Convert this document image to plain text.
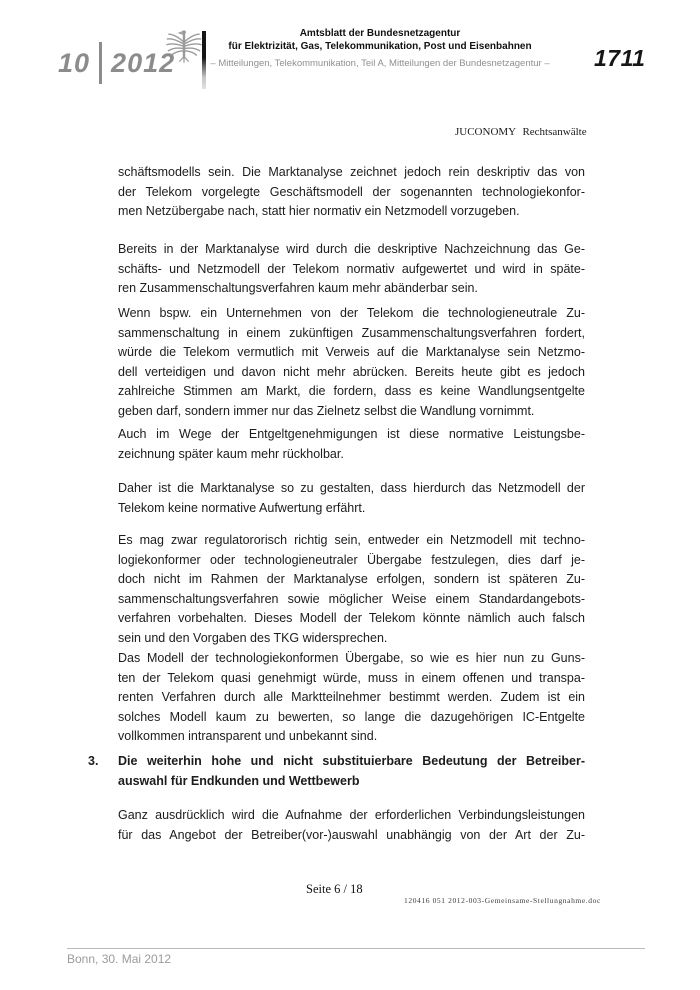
10 2012
Amtsblatt der Bundesnetzagentur
für Elektrizität, Gas, Telekommunikation, Post und Eisenbahnen
– Mitteilungen, Telekommunikation, Teil A, Mitteilungen der Bundesnetzagentur – 1711
JUCONOMY Rechtsanwälte
schäftsmodells sein. Die Marktanalyse zeichnet jedoch rein deskriptiv das von
der Telekom vorgelegte Geschäftsmodell der sogenannten technologiekonfor-
men Netzübergabe nach, statt hier normativ ein Netzmodell vorzugeben.
Bereits in der Marktanalyse wird durch die deskriptive Nachzeichnung das Ge-
schäfts- und Netzmodell der Telekom normativ aufgewertet und wird in späte-
ren Zusammenschaltungsverfahren kaum mehr abänderbar sein.
Wenn bspw. ein Unternehmen von der Telekom die technologieneutrale Zu-
sammenschaltung in einem zukünftigen Zusammenschaltungsverfahren fordert,
würde die Telekom vermutlich mit Verweis auf die Marktanalyse sein Netzmo-
dell verteidigen und davon nicht mehr abrücken. Bereits heute gibt es jedoch
zahlreiche Stimmen am Markt, die fordern, dass es keine Wandlungsentgelte
geben darf, sondern immer nur das Zielnetz selbst die Wandlung vornimmt.
Auch im Wege der Entgeltgenehmigungen ist diese normative Leistungsbe-
zeichnung später kaum mehr rückholbar.
Daher ist die Marktanalyse so zu gestalten, dass hierdurch das Netzmodell der
Telekom keine normative Aufwertung erfährt.
Es mag zwar regulatororisch richtig sein, entweder ein Netzmodell mit techno-
logiekonformer oder technologieneutraler Übergabe festzulegen, dies darf je-
doch nicht im Rahmen der Marktanalyse erfolgen, sondern ist späteren Zu-
sammenschaltungsverfahren sowie möglicher Weise einem Standardangebots-
verfahren vorbehalten. Dieses Modell der Telekom könnte nämlich auch falsch
sein und den Vorgaben des TKG widersprechen.
Das Modell der technologiekonformen Übergabe, so wie es hier nun zu Guns-
ten der Telekom quasi genehmigt würde, muss in einem offenen und transpa-
renten Verfahren durch alle Marktteilnehmer bestimmt werden. Zudem ist ein
solches Modell kaum zu bewerten, so lange die dazugehörigen IC-Entgelte
vollkommen intransparent und unbekannt sind.
3. Die weiterhin hohe und nicht substituierbare Bedeutung der Betreiber-
auswahl für Endkunden und Wettbewerb
Ganz ausdrücklich wird die Aufnahme der erforderlichen Verbindungsleistungen
für das Angebot der Betreiber(vor-)auswahl unabhängig von der Art der Zu-
Seite 6 / 18
120416 051 2012-003-Gemeinsame-Stellungnahme.doc
Bonn, 30. Mai 2012
